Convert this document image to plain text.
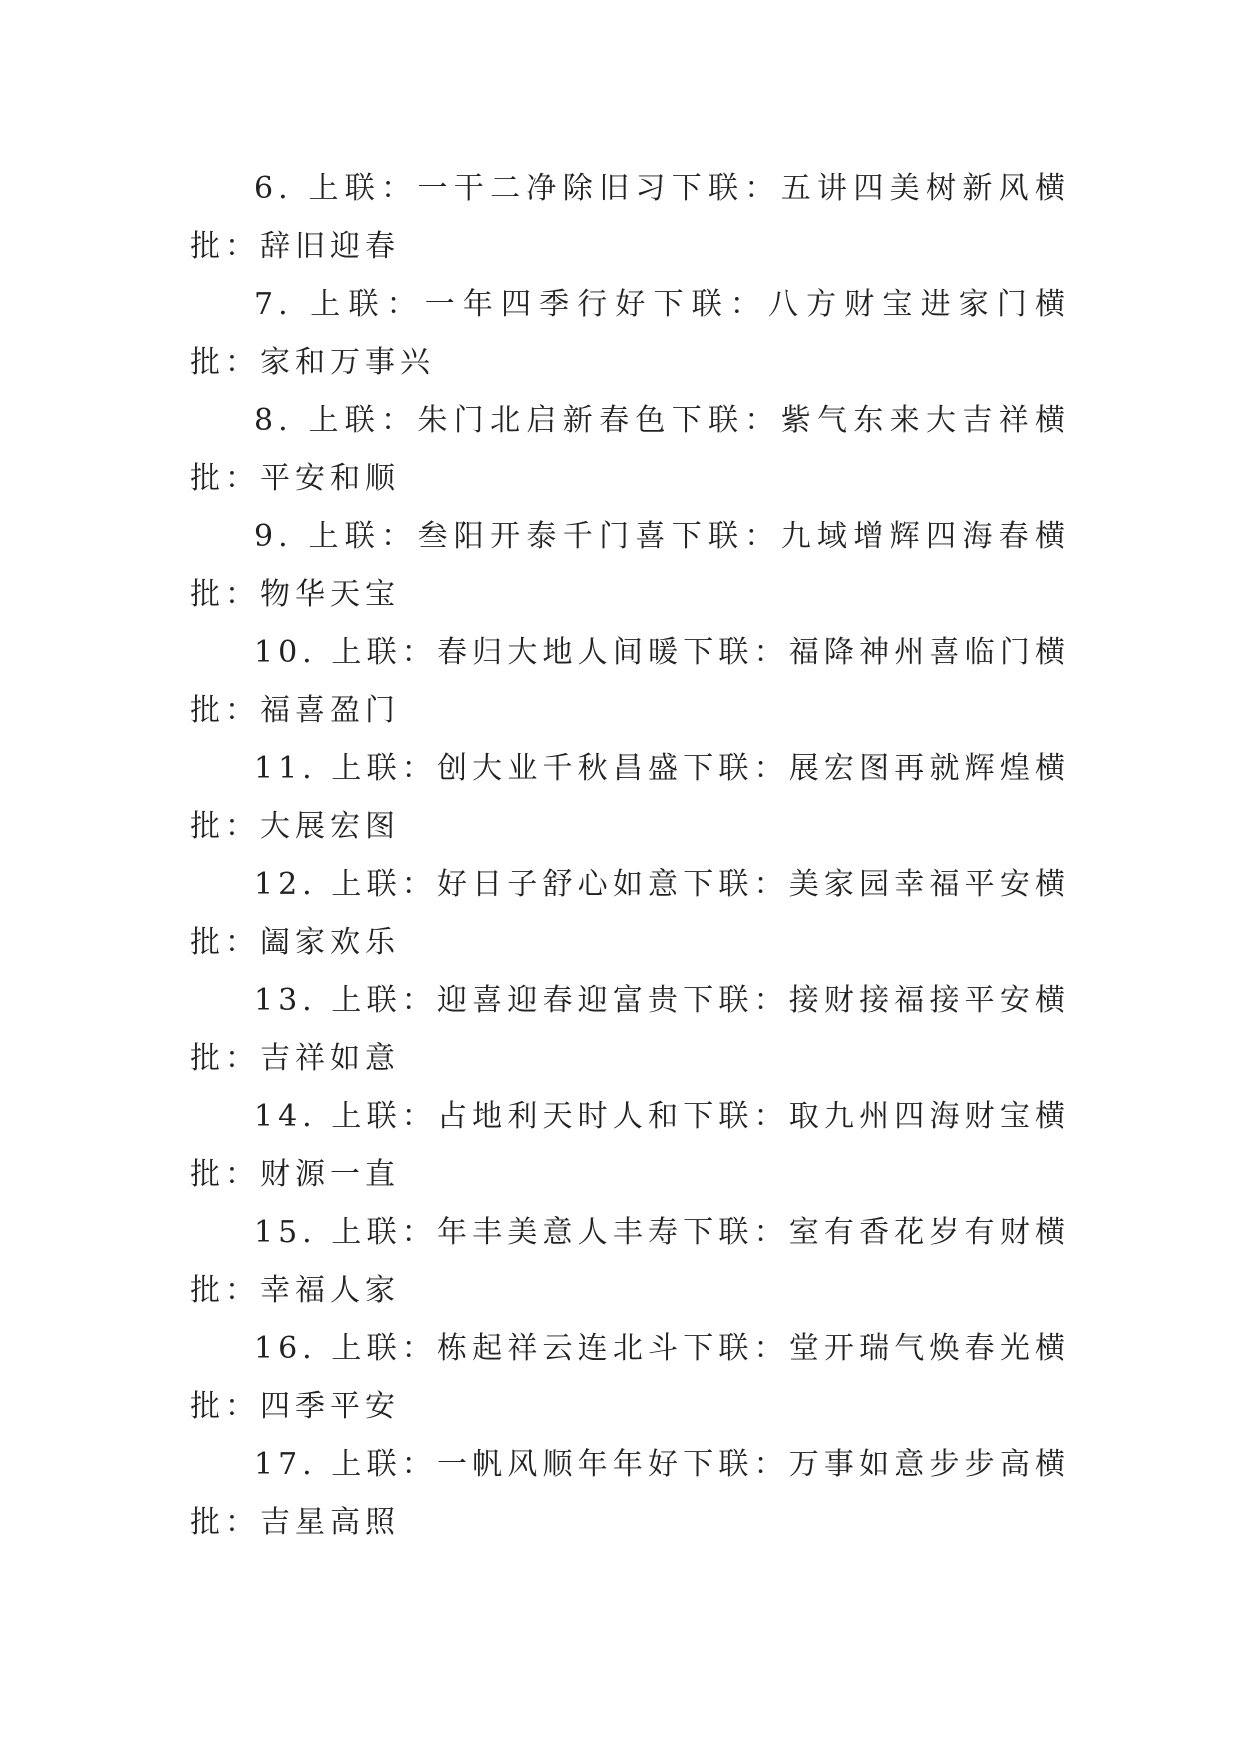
6. 上联：一干二净除旧习下联：五讲四美树新风横批：辞旧迎春

7. 上联：一年四季行好下联：八方财宝进家门横批：家和万事兴

8. 上联：朱门北启新春色下联：紫气东来大吉祥横批：平安和顺

9. 上联：叁阳开泰千门喜下联：九域增辉四海春横批：物华天宝

10. 上联：春归大地人间暖下联：福降神州喜临门横批：福喜盈门

11. 上联：创大业千秋昌盛下联：展宏图再就辉煌横批：大展宏图

12. 上联：好日子舒心如意下联：美家园幸福平安横批：阖家欢乐

13. 上联：迎喜迎春迎富贵下联：接财接福接平安横批：吉祥如意

14. 上联：占地利天时人和下联：取九州四海财宝横批：财源一直

15. 上联：年丰美意人丰寿下联：室有香花岁有财横批：幸福人家

16. 上联：栋起祥云连北斗下联：堂开瑞气焕春光横批：四季平安

17. 上联：一帆风顺年年好下联：万事如意步步高横批：吉星高照
